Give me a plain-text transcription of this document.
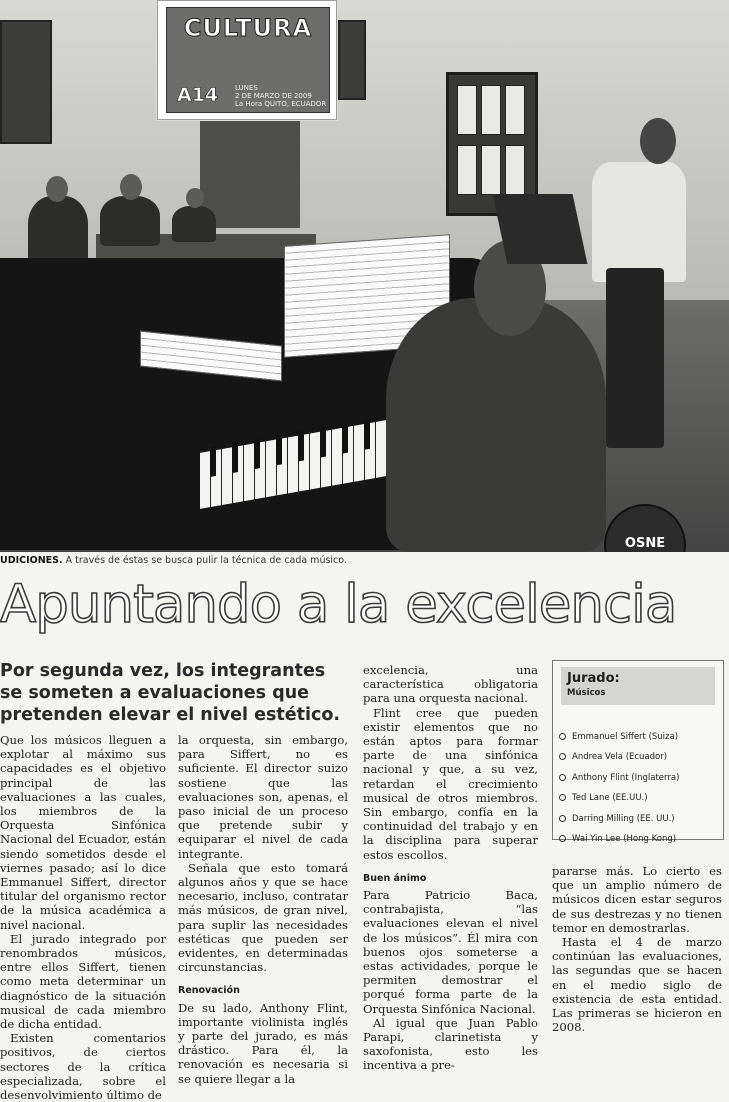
OSNE
CULTURA
A14 LUNES
2 DE MARZO DE 2009
La Hora QUITO, ECUADOR
UDICIONES. A través de éstas se busca pulir la técnica de cada músico.
Apuntando a la excelencia
Por segunda vez, los integrantes se someten a evaluaciones que pretenden elevar el nivel estético.

Que los músicos lleguen a explotar al máximo sus capacidades es el objetivo principal de las evaluaciones a las cuales, los miembros de la Orquesta Sinfónica Nacional del Ecuador, están siendo sometidos desde el viernes pasado; así lo dice Emmanuel Siffert, director titular del organismo rector de la música académica a nivel nacional.

El jurado integrado por renombrados músicos, entre ellos Siffert, tienen como meta determinar un diagnóstico de la situación musical de cada miembro de dicha entidad.

Existen comentarios positivos, de ciertos sectores de la crítica especializada, sobre el desenvolvimiento último de

la orquesta, sin embargo, para Siffert, no es suficiente. El director suizo sostiene que las evaluaciones son, apenas, el paso inicial de un proceso que pretende subir y equiparar el nivel de cada integrante.

Señala que esto tomará algunos años y que se hace necesario, incluso, contratar más músicos, de gran nivel, para suplir las necesidades estéticas que pueden ser evidentes, en determinadas circunstancias.

Renovación

De su lado, Anthony Flint, importante violinista inglés y parte del jurado, es más drástico. Para él, la renovación es necesaria si se quiere llegar a la

excelencia, una característica obligatoria para una orquesta nacional.

Flint cree que pueden existir elementos que no están aptos para formar parte de una sinfónica nacional y que, a su vez, retardan el crecimiento musical de otros miembros. Sin embargo, confía en la continuidad del trabajo y en la disciplina para superar estos escollos.

Buen ánimo

Para Patricio Baca, contrabajista, “las evaluaciones elevan el nivel de los músicos”. Él mira con buenos ojos someterse a estas actividades, porque le permiten demostrar el porqué forma parte de la Orquesta Sinfónica Nacional.

Al igual que Juan Pablo Parapi, clarinetista y saxofonista, esto les incentiva a pre-

Jurado:
Músicos
Emmanuel Siffert (Suiza)
Andrea Vela (Ecuador)
Anthony Flint (Inglaterra)
Ted Lane (EE.UU.)
Darring Milling (EE. UU.)
Wai Yin Lee (Hong Kong)

pararse más. Lo cierto es que un amplio número de músicos dicen estar seguros de sus destrezas y no tienen temor en demostrarlas.

Hasta el 4 de marzo continúan las evaluaciones, las segundas que se hacen en el medio siglo de existencia de esta entidad. Las primeras se hicieron en 2008.
